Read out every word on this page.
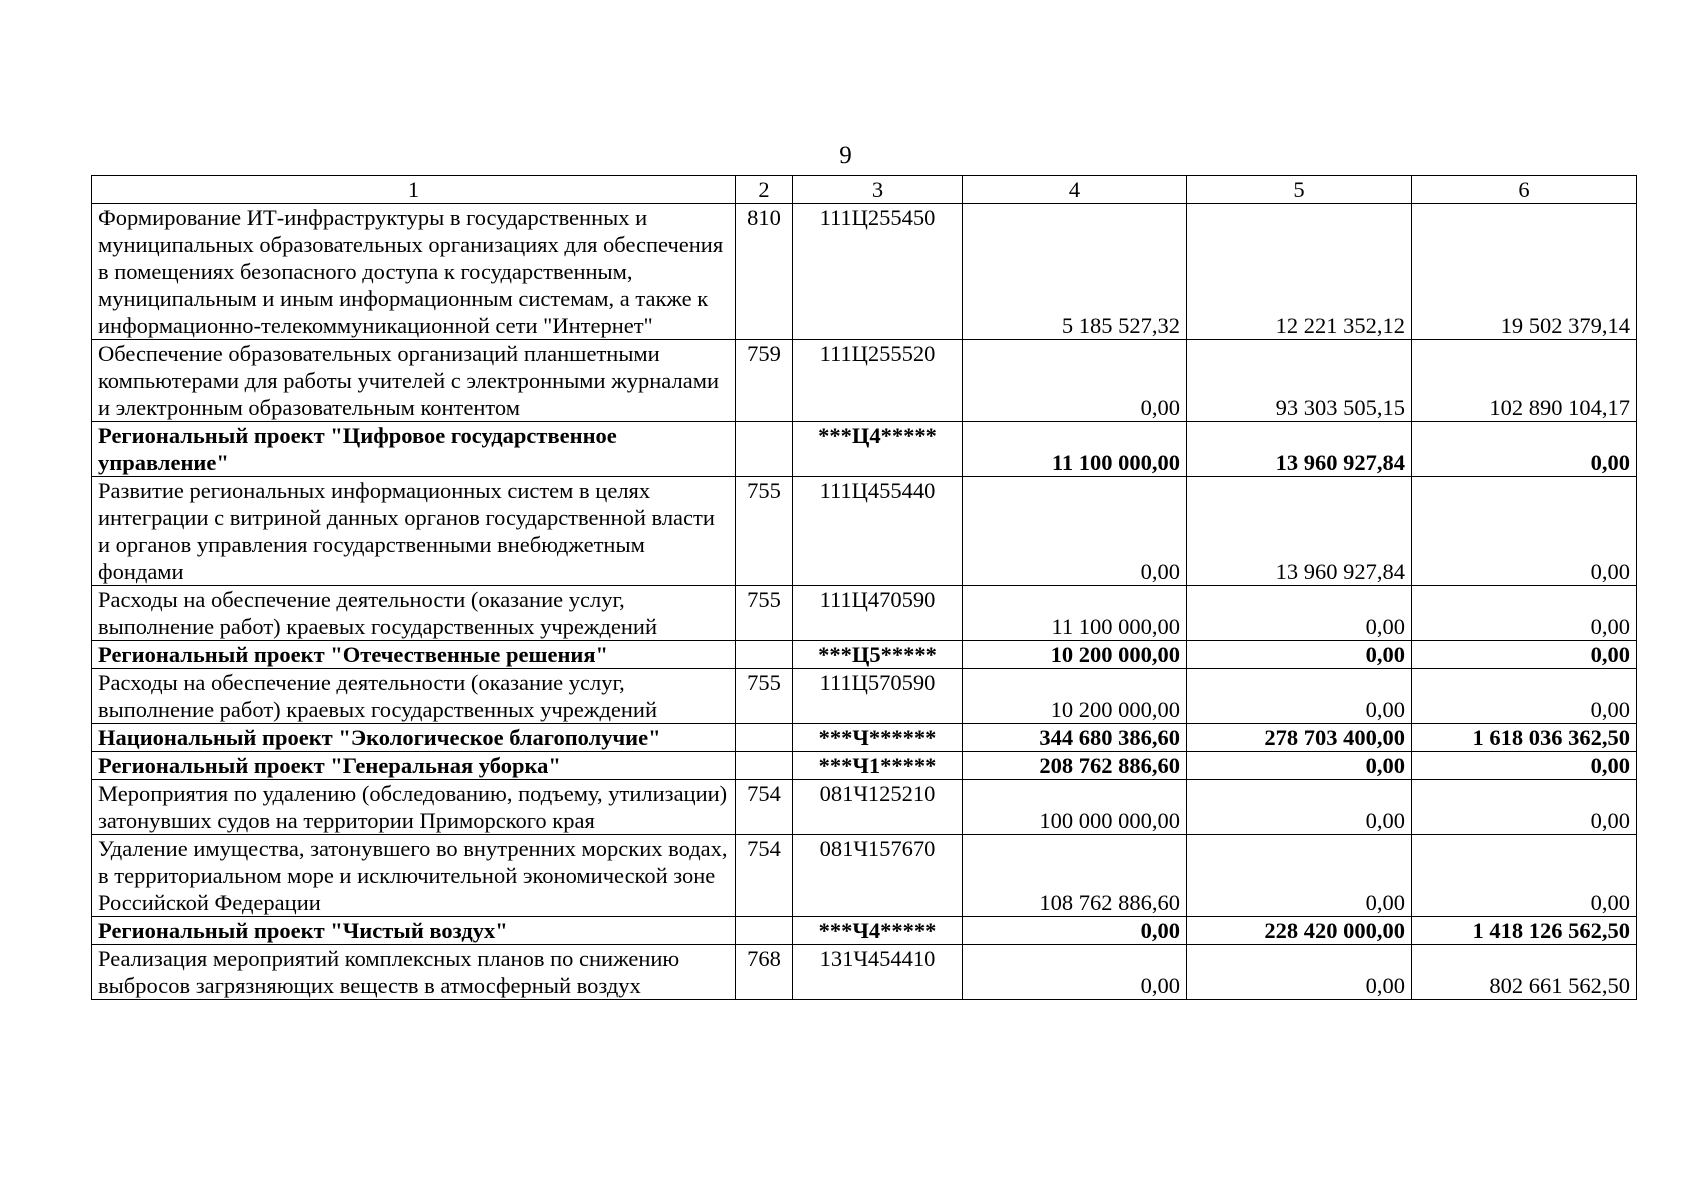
9
1	2	3	4	5	6
Формирование ИТ-инфраструктуры в государственных и муниципальных образовательных организациях для обеспечения в помещениях безопасного доступа к государственным, муниципальным и иным информационным системам, а также к информационно-телекоммуникационной сети "Интернет"	810	111Ц255450	5 185 527,32	12 221 352,12	19 502 379,14
Обеспечение образовательных организаций планшетными компьютерами для работы учителей с электронными журналами и электронным образовательным контентом	759	111Ц255520	0,00	93 303 505,15	102 890 104,17
Региональный проект "Цифровое государственное управление"		***Ц4*****	11 100 000,00	13 960 927,84	0,00
Развитие региональных информационных систем в целях интеграции с витриной данных органов государственной власти и органов управления государственными внебюджетным фондами	755	111Ц455440	0,00	13 960 927,84	0,00
Расходы на обеспечение деятельности (оказание услуг, выполнение работ) краевых государственных учреждений	755	111Ц470590	11 100 000,00	0,00	0,00
Региональный проект "Отечественные решения"		***Ц5*****	10 200 000,00	0,00	0,00
Расходы на обеспечение деятельности (оказание услуг, выполнение работ) краевых государственных учреждений	755	111Ц570590	10 200 000,00	0,00	0,00
Национальный проект "Экологическое благополучие"		***Ч******	344 680 386,60	278 703 400,00	1 618 036 362,50
Региональный проект "Генеральная уборка"		***Ч1*****	208 762 886,60	0,00	0,00
Мероприятия по удалению (обследованию, подъему, утилизации) затонувших судов на территории Приморского края	754	081Ч125210	100 000 000,00	0,00	0,00
Удаление имущества, затонувшего во внутренних морских водах, в территориальном море и исключительной экономической зоне Российской Федерации	754	081Ч157670	108 762 886,60	0,00	0,00
Региональный проект "Чистый воздух"		***Ч4*****	0,00	228 420 000,00	1 418 126 562,50
Реализация мероприятий комплексных планов по снижению выбросов загрязняющих веществ в атмосферный воздух	768	131Ч454410	0,00	0,00	802 661 562,50
